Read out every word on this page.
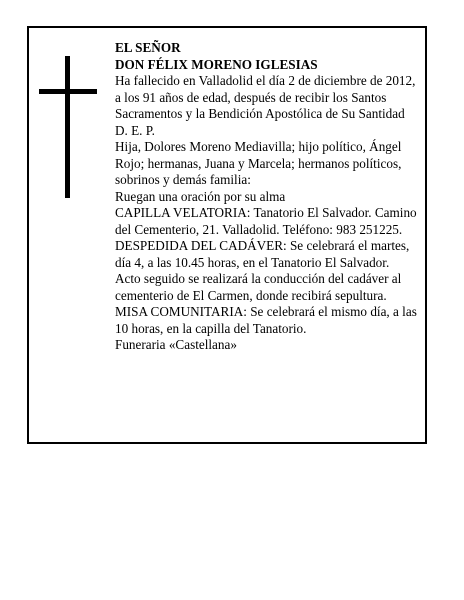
EL SEÑOR

DON FÉLIX MORENO IGLESIAS

Ha fallecido en Valladolid el día 2 de diciembre de 2012, a los 91 años de edad, después de recibir los Santos Sacramentos y la Bendición Apostólica de Su Santidad

D. E. P.

Hija, Dolores Moreno Mediavilla; hijo político, Ángel Rojo; hermanas, Juana y Marcela; hermanos políticos, sobrinos y demás familia:

Ruegan una oración por su alma

CAPILLA VELATORIA: Tanatorio El Salvador. Camino del Cementerio, 21. Valladolid. Teléfono: 983 251225.

DESPEDIDA DEL CADÁVER: Se celebrará el martes, día 4, a las 10.45 horas, en el Tanatorio El Salvador.

Acto seguido se realizará la conducción del cadáver al cementerio de El Carmen, donde recibirá sepultura.

MISA COMUNITARIA: Se celebrará el mismo día, a las 10 horas, en la capilla del Tanatorio.

Funeraria «Castellana»
